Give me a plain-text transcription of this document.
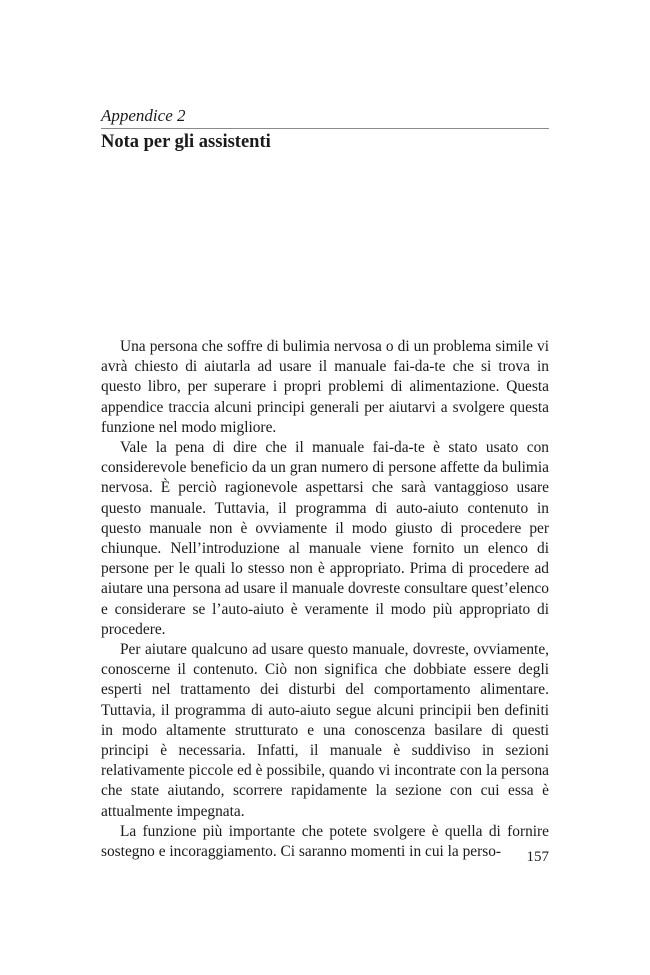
Appendice 2

Nota per gli assistenti

Una persona che soffre di bulimia nervosa o di un problema simile vi avrà chiesto di aiutarla ad usare il manuale fai-da-te che si trova in questo libro, per superare i propri problemi di alimentazione. Questa appendice traccia alcuni principi generali per aiutarvi a svolgere questa funzione nel modo migliore.

Vale la pena di dire che il manuale fai-da-te è stato usato con considerevole beneficio da un gran numero di persone affette da bulimia nervosa. È perciò ragionevole aspettarsi che sarà vantaggioso usare questo manuale. Tuttavia, il programma di auto-aiuto contenuto in questo manuale non è ovviamente il modo giusto di procedere per chiunque. Nell’introduzione al manuale viene fornito un elenco di persone per le quali lo stesso non è appropriato. Prima di procedere ad aiutare una persona ad usare il manuale dovreste consultare quest’elenco e considerare se l’auto-aiuto è veramente il modo più appropriato di procedere.

Per aiutare qualcuno ad usare questo manuale, dovreste, ovviamente, conoscerne il contenuto. Ciò non significa che dobbiate essere degli esperti nel trattamento dei disturbi del comportamento alimentare. Tuttavia, il programma di auto-aiuto segue alcuni principii ben definiti in modo altamente strutturato e una conoscenza basilare di questi principi è necessaria. Infatti, il manuale è suddiviso in sezioni relativamente piccole ed è possibile, quando vi incontrate con la persona che state aiutando, scorrere rapidamente la sezione con cui essa è attualmente impegnata.

La funzione più importante che potete svolgere è quella di fornire sostegno e incoraggiamento. Ci saranno momenti in cui la perso-	157
